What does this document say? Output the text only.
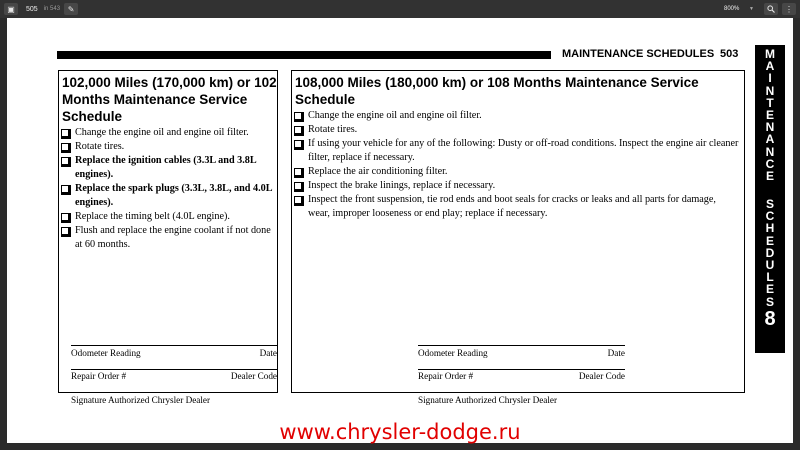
▣	505 in 543 ✎	800% ▼	⋮
MAINTENANCE SCHEDULES 503 M
A
I
N
T
E
N
A
N
C
E
S
C
H
E
D
U
L
E
S
8
102,000 Miles (170,000 km) or 102 Months Maintenance Service Schedule
Change the engine oil and engine oil filter.
Rotate tires.
Replace the ignition cables (3.3L and 3.8L engines).
Replace the spark plugs (3.3L, 3.8L, and 4.0L engines).
Replace the timing belt (4.0L engine).
Flush and replace the engine coolant if not done at 60 months.
Odometer Reading	Date
Repair Order #	Dealer Code
Signature Authorized Chrysler Dealer
108,000 Miles (180,000 km) or 108 Months Maintenance Service Schedule
Change the engine oil and engine oil filter.
Rotate tires.
If using your vehicle for any of the following: Dusty or off-road conditions. Inspect the engine air cleaner filter, replace if necessary.
Replace the air conditioning filter.
Inspect the brake linings, replace if necessary.
Inspect the front suspension, tie rod ends and boot seals for cracks or leaks and all parts for damage, wear, improper looseness or end play; replace if necessary.
Odometer Reading	Date
Repair Order #	Dealer Code
Signature Authorized Chrysler Dealer
www.chrysler-dodge.ru
